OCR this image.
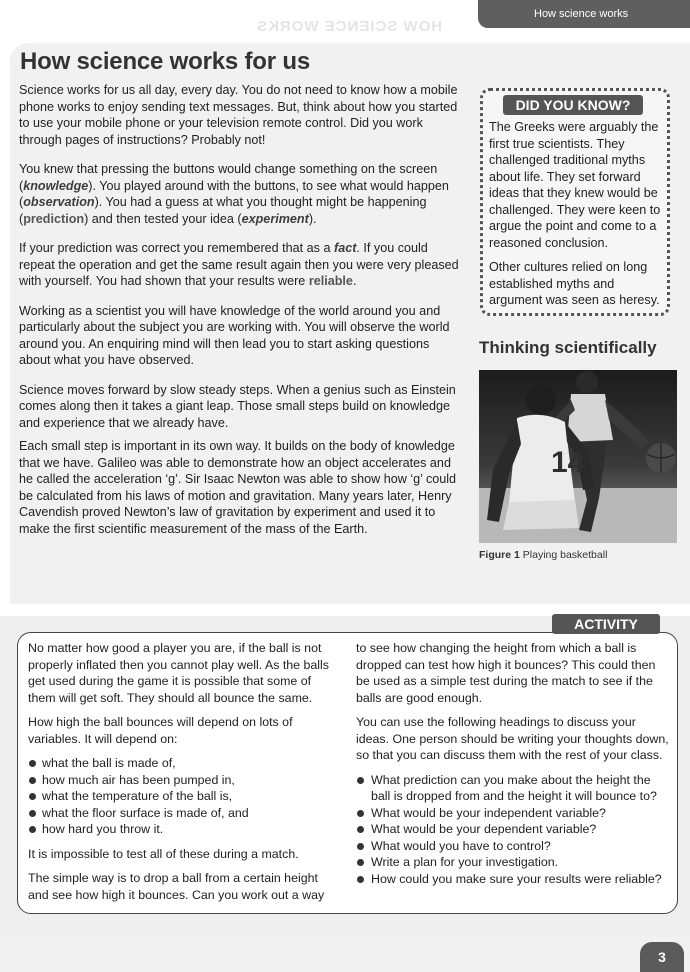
HOW SCIENCE WORKS
How science works
How science works for us

Science works for us all day, every day. You do not need to know how a mobile phone works to enjoy sending text messages. But, think about how you started to use your mobile phone or your television remote control. Did you work through pages of instructions? Probably not!

You knew that pressing the buttons would change something on the screen (knowledge). You played around with the buttons, to see what would happen (observation). You had a guess at what you thought might be happening (prediction) and then tested your idea (experiment).

If your prediction was correct you remembered that as a fact. If you could repeat the operation and get the same result again then you were very pleased with yourself. You had shown that your results were reliable.

Working as a scientist you will have knowledge of the world around you and particularly about the subject you are working with. You will observe the world around you. An enquiring mind will then lead you to start asking questions about what you have observed.

Science moves forward by slow steady steps. When a genius such as Einstein comes along then it takes a giant leap. Those small steps build on knowledge and experience that we already have.

Each small step is important in its own way. It builds on the body of knowledge that we have. Galileo was able to demonstrate how an object accelerates and he called the acceleration ‘g’. Sir Isaac Newton was able to show how ‘g’ could be calculated from his laws of motion and gravitation. Many years later, Henry Cavendish proved Newton’s law of gravitation by experiment and used it to make the first scientific measurement of the mass of the Earth.

DID YOU KNOW?

The Greeks were arguably the first true scientists. They challenged traditional myths about life. They set forward ideas that they knew would be challenged. They were keen to argue the point and come to a reasoned conclusion.

Other cultures relied on long established myths and argument was seen as heresy.

Thinking scientifically
14
Figure 1 Playing basketball
ACTIVITY

No matter how good a player you are, if the ball is not properly inflated then you cannot play well. As the balls get used during the game it is possible that some of them will get soft. They should all bounce the same.

How high the ball bounces will depend on lots of variables. It will depend on:

what the ball is made of,
how much air has been pumped in,
what the temperature of the ball is,
what the floor surface is made of, and
how hard you throw it.

It is impossible to test all of these during a match.

The simple way is to drop a ball from a certain height and see how high it bounces. Can you work out a way

to see how changing the height from which a ball is dropped can test how high it bounces? This could then be used as a simple test during the match to see if the balls are good enough.

You can use the following headings to discuss your ideas. One person should be writing your thoughts down, so that you can discuss them with the rest of your class.

What prediction can you make about the height the ball is dropped from and the height it will bounce to?
What would be your independent variable?
What would be your dependent variable?
What would you have to control?
Write a plan for your investigation.
How could you make sure your results were reliable?
3
